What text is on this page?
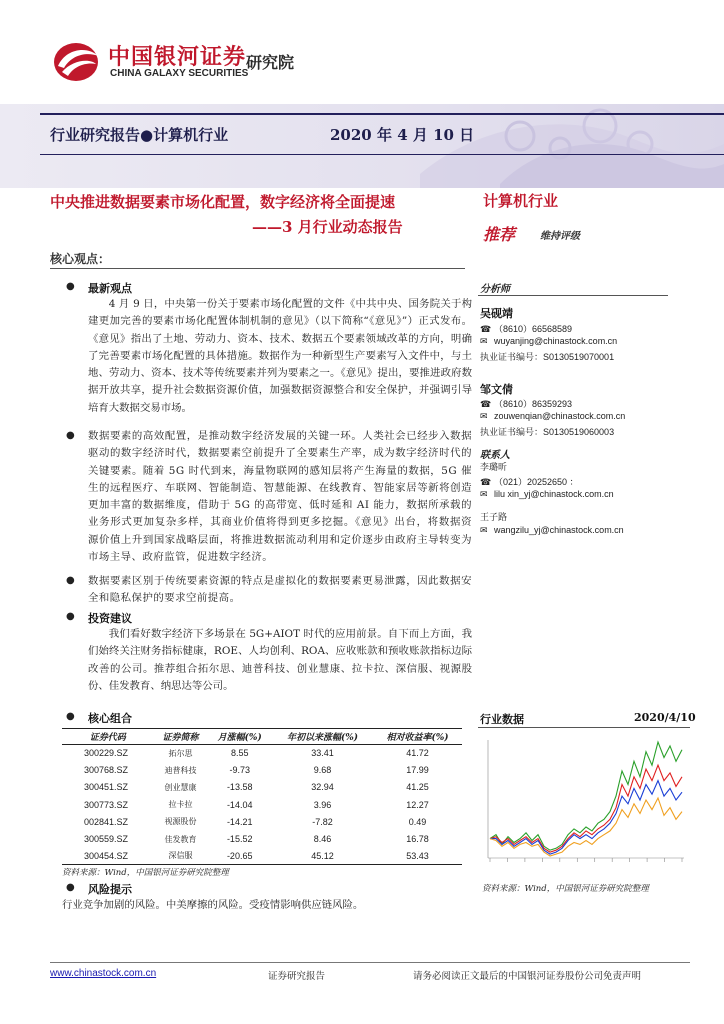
中国银河证券
CHINA GALAXY SECURITIES
研究院
行业研究报告●计算机行业	2020 年 4 月 10 日
中央推进数据要素市场化配置，数字经济将全面提速
——3 月行业动态报告
核心观点：
计算机行业
推荐 维持评级
分析师
吴砚靖
☎ （8610）66568589
✉ wuyanjing@chinastock.com.cn
执业证书编号：S0130519070001
邹文倩
☎ （8610）86359293
✉ zouwenqian@chinastock.com.cn
执业证书编号：S0130519060003
联系人
李璐昕
☎ （021）20252650 ：
✉ lilu xin_yj@chinastock.com.cn
王子路
✉ wangzilu_yj@chinastock.com.cn
● 最新观点
4 月 9 日，中央第一份关于要素市场化配置的文件《中共中央、国务院关于构建更加完善的要素市场化配置体制机制的意见》（以下简称“《意见》”）正式发布。《意见》指出了土地、劳动力、资本、技术、数据五个要素领域改革的方向，明确了完善要素市场化配置的具体措施。数据作为一种新型生产要素写入文件中，与土地、劳动力、资本、技术等传统要素并列为要素之一。《意见》提出，要推进政府数据开放共享，提升社会数据资源价值，加强数据资源整合和安全保护，并强调引导培育大数据交易市场。
● 数据要素的高效配置，是推动数字经济发展的关键一环。人类社会已经步入数据驱动的数字经济时代，数据要素空前提升了全要素生产率，成为数字经济时代的关键要素。随着 5G 时代到来，海量物联网的感知层将产生海量的数据，5G 催生的远程医疗、车联网、智能制造、智慧能源、在线教育、智能家居等新将创造更加丰富的数据维度，借助于 5G 的高带宽、低时延和 AI 能力，数据所承载的业务形式更加复杂多样，其商业价值将得到更多挖掘。《意见》出台，将数据资源价值上升到国家战略层面，将推进数据流动利用和定价逐步由政府主导转变为市场主导、政府监管，促进数字经济。
● 数据要素区别于传统要素资源的特点是虚拟化的数据要素更易泄露，因此数据安全和隐私保护的要求空前提高。
● 投资建议
我们看好数字经济下多场景在 5G+AIOT 时代的应用前景。自下而上方面，我们始终关注财务指标健康，ROE、人均创利、ROA、应收账款和预收账款指标边际改善的公司。推荐组合拓尔思、迪普科技、创业慧康、拉卡拉、深信服、视源股份、佳发教育、纳思达等公司。
● 核心组合
证券代码	证券简称	月涨幅(%)	年初以来涨幅(%)	相对收益率(%)
300229.SZ	拓尔思	8.55	33.41	41.72
300768.SZ	迪普科技	-9.73	9.68	17.99
300451.SZ	创业慧康	-13.58	32.94	41.25
300773.SZ	拉卡拉	-14.04	3.96	12.27
002841.SZ	视源股份	-14.21	-7.82	0.49
300559.SZ	佳发教育	-15.52	8.46	16.78
300454.SZ	深信服	-20.65	45.12	53.43
资料来源：Wind，中国银河证券研究院整理
● 风险提示
行业竞争加剧的风险。中美摩擦的风险。受疫情影响供应链风险。
行业数据	2020/4/10
资料来源：Wind，中国银河证券研究院整理
www.chinastock.com.cn	证券研究报告	请务必阅读正文最后的中国银河证券股份公司免责声明
